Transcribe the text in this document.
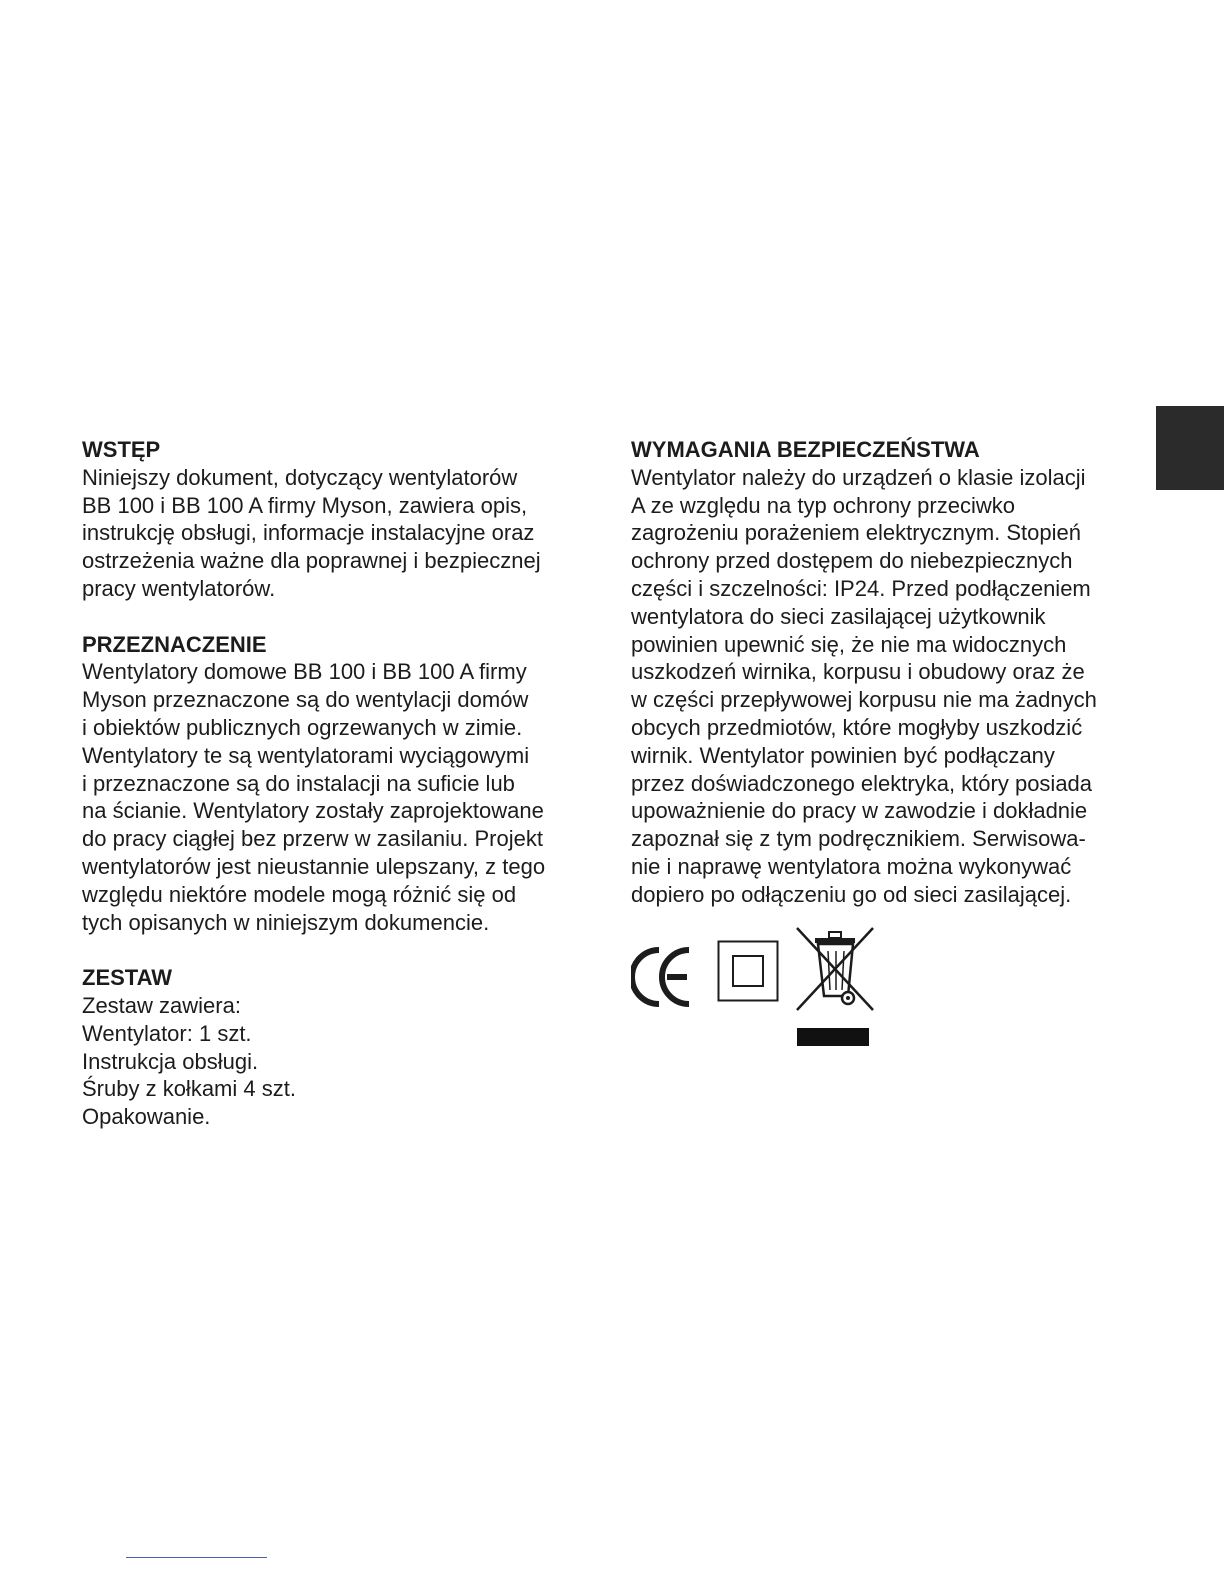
WSTĘP
Niniejszy dokument, dotyczący wentylatorów
BB 100 i BB 100 A firmy Myson, zawiera opis,
instrukcję obsługi, informacje instalacyjne oraz
ostrzeżenia ważne dla poprawnej i bezpiecznej
pracy wentylatorów.
PRZEZNACZENIE
Wentylatory domowe BB 100 i BB 100 A firmy
Myson przeznaczone są do wentylacji domów
i obiektów publicznych ogrzewanych w zimie.
Wentylatory te są wentylatorami wyciągowymi
i przeznaczone są do instalacji na suficie lub
na ścianie. Wentylatory zostały zaprojektowane
do pracy ciągłej bez przerw w zasilaniu. Projekt
wentylatorów jest nieustannie ulepszany, z tego
względu niektóre modele mogą różnić się od
tych opisanych w niniejszym dokumencie.
ZESTAW
Zestaw zawiera:
Wentylator: 1 szt.
Instrukcja obsługi.
Śruby z kołkami 4 szt.
Opakowanie.
WYMAGANIA BEZPIECZEŃSTWA
Wentylator należy do urządzeń o klasie izolacji
A ze względu na typ ochrony przeciwko
zagrożeniu porażeniem elektrycznym. Stopień
ochrony przed dostępem do niebezpiecznych
części i szczelności: IP24. Przed podłączeniem
wentylatora do sieci zasilającej użytkownik
powinien upewnić się, że nie ma widocznych
uszkodzeń wirnika, korpusu i obudowy oraz że
w części przepływowej korpusu nie ma żadnych
obcych przedmiotów, które mogłyby uszkodzić
wirnik. Wentylator powinien być podłączany
przez doświadczonego elektryka, który posiada
upoważnienie do pracy w zawodzie i dokładnie
zapoznał się z tym podręcznikiem. Serwisowa-
nie i naprawę wentylatora można wykonywać
dopiero po odłączeniu go od sieci zasilającej.
